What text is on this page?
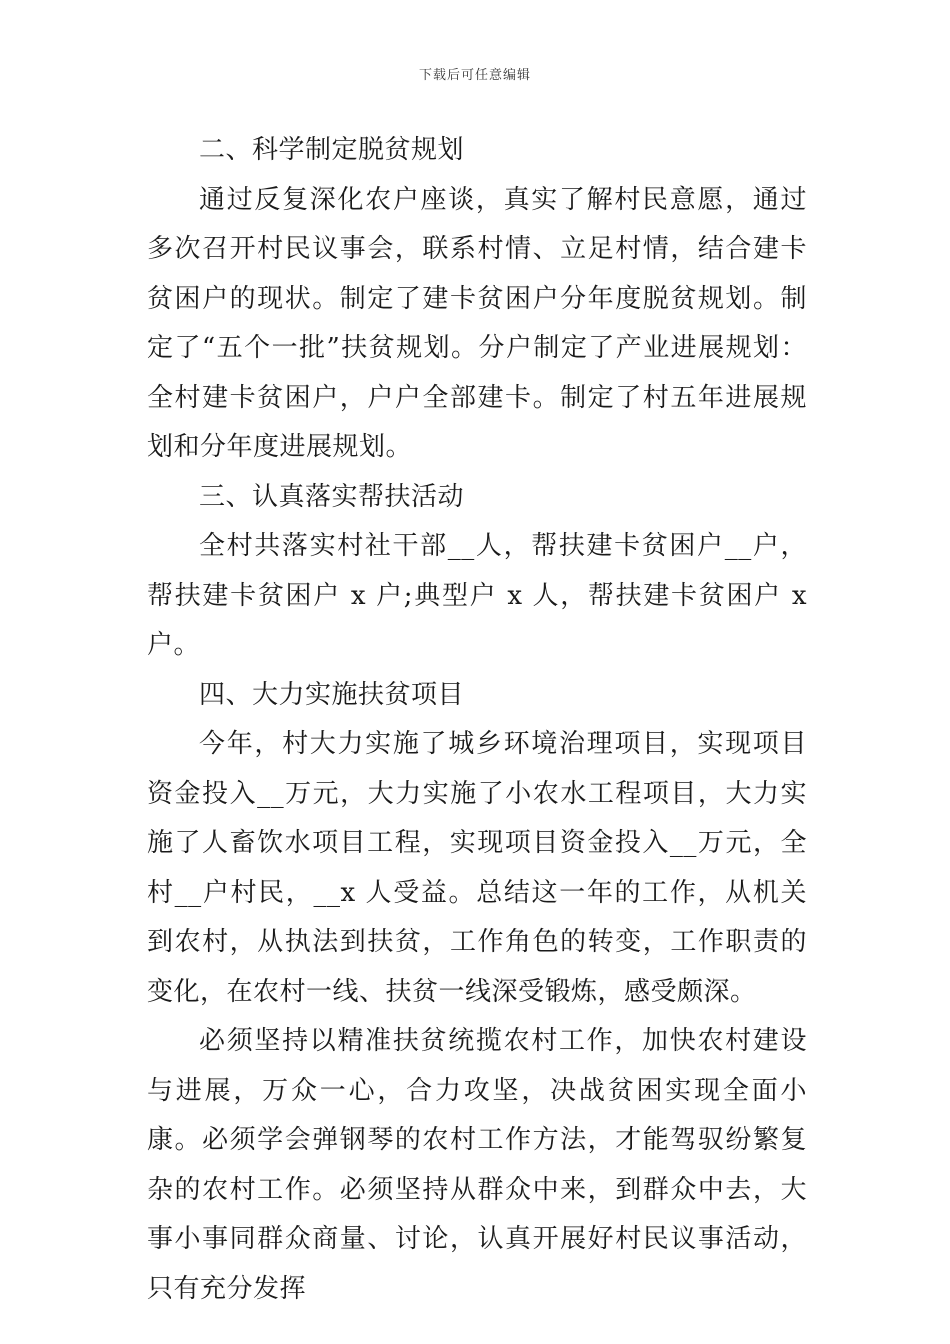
下载后可任意编辑

二、科学制定脱贫规划

通过反复深化农户座谈，真实了解村民意愿，通过多次召开村民议事会，联系村情、立足村情，结合建卡贫困户的现状。制定了建卡贫困户分年度脱贫规划。制定了“五个一批”扶贫规划。分户制定了产业进展规划：全村建卡贫困户，户户全部建卡。制定了村五年进展规划和分年度进展规划。

三、认真落实帮扶活动

全村共落实村社干部__人，帮扶建卡贫困户__户，帮扶建卡贫困户 x 户;典型户 x 人，帮扶建卡贫困户 x 户。

四、大力实施扶贫项目

今年，村大力实施了城乡环境治理项目，实现项目资金投入__万元，大力实施了小农水工程项目，大力实施了人畜饮水项目工程，实现项目资金投入__万元，全村__户村民，__x 人受益。总结这一年的工作，从机关到农村，从执法到扶贫，工作角色的转变，工作职责的变化，在农村一线、扶贫一线深受锻炼，感受颇深。

必须坚持以精准扶贫统揽农村工作，加快农村建设与进展，万众一心，合力攻坚，决战贫困实现全面小康。必须学会弹钢琴的农村工作方法，才能驾驭纷繁复杂的农村工作。必须坚持从群众中来，到群众中去，大事小事同群众商量、讨论，认真开展好村民议事活动，只有充分发挥
